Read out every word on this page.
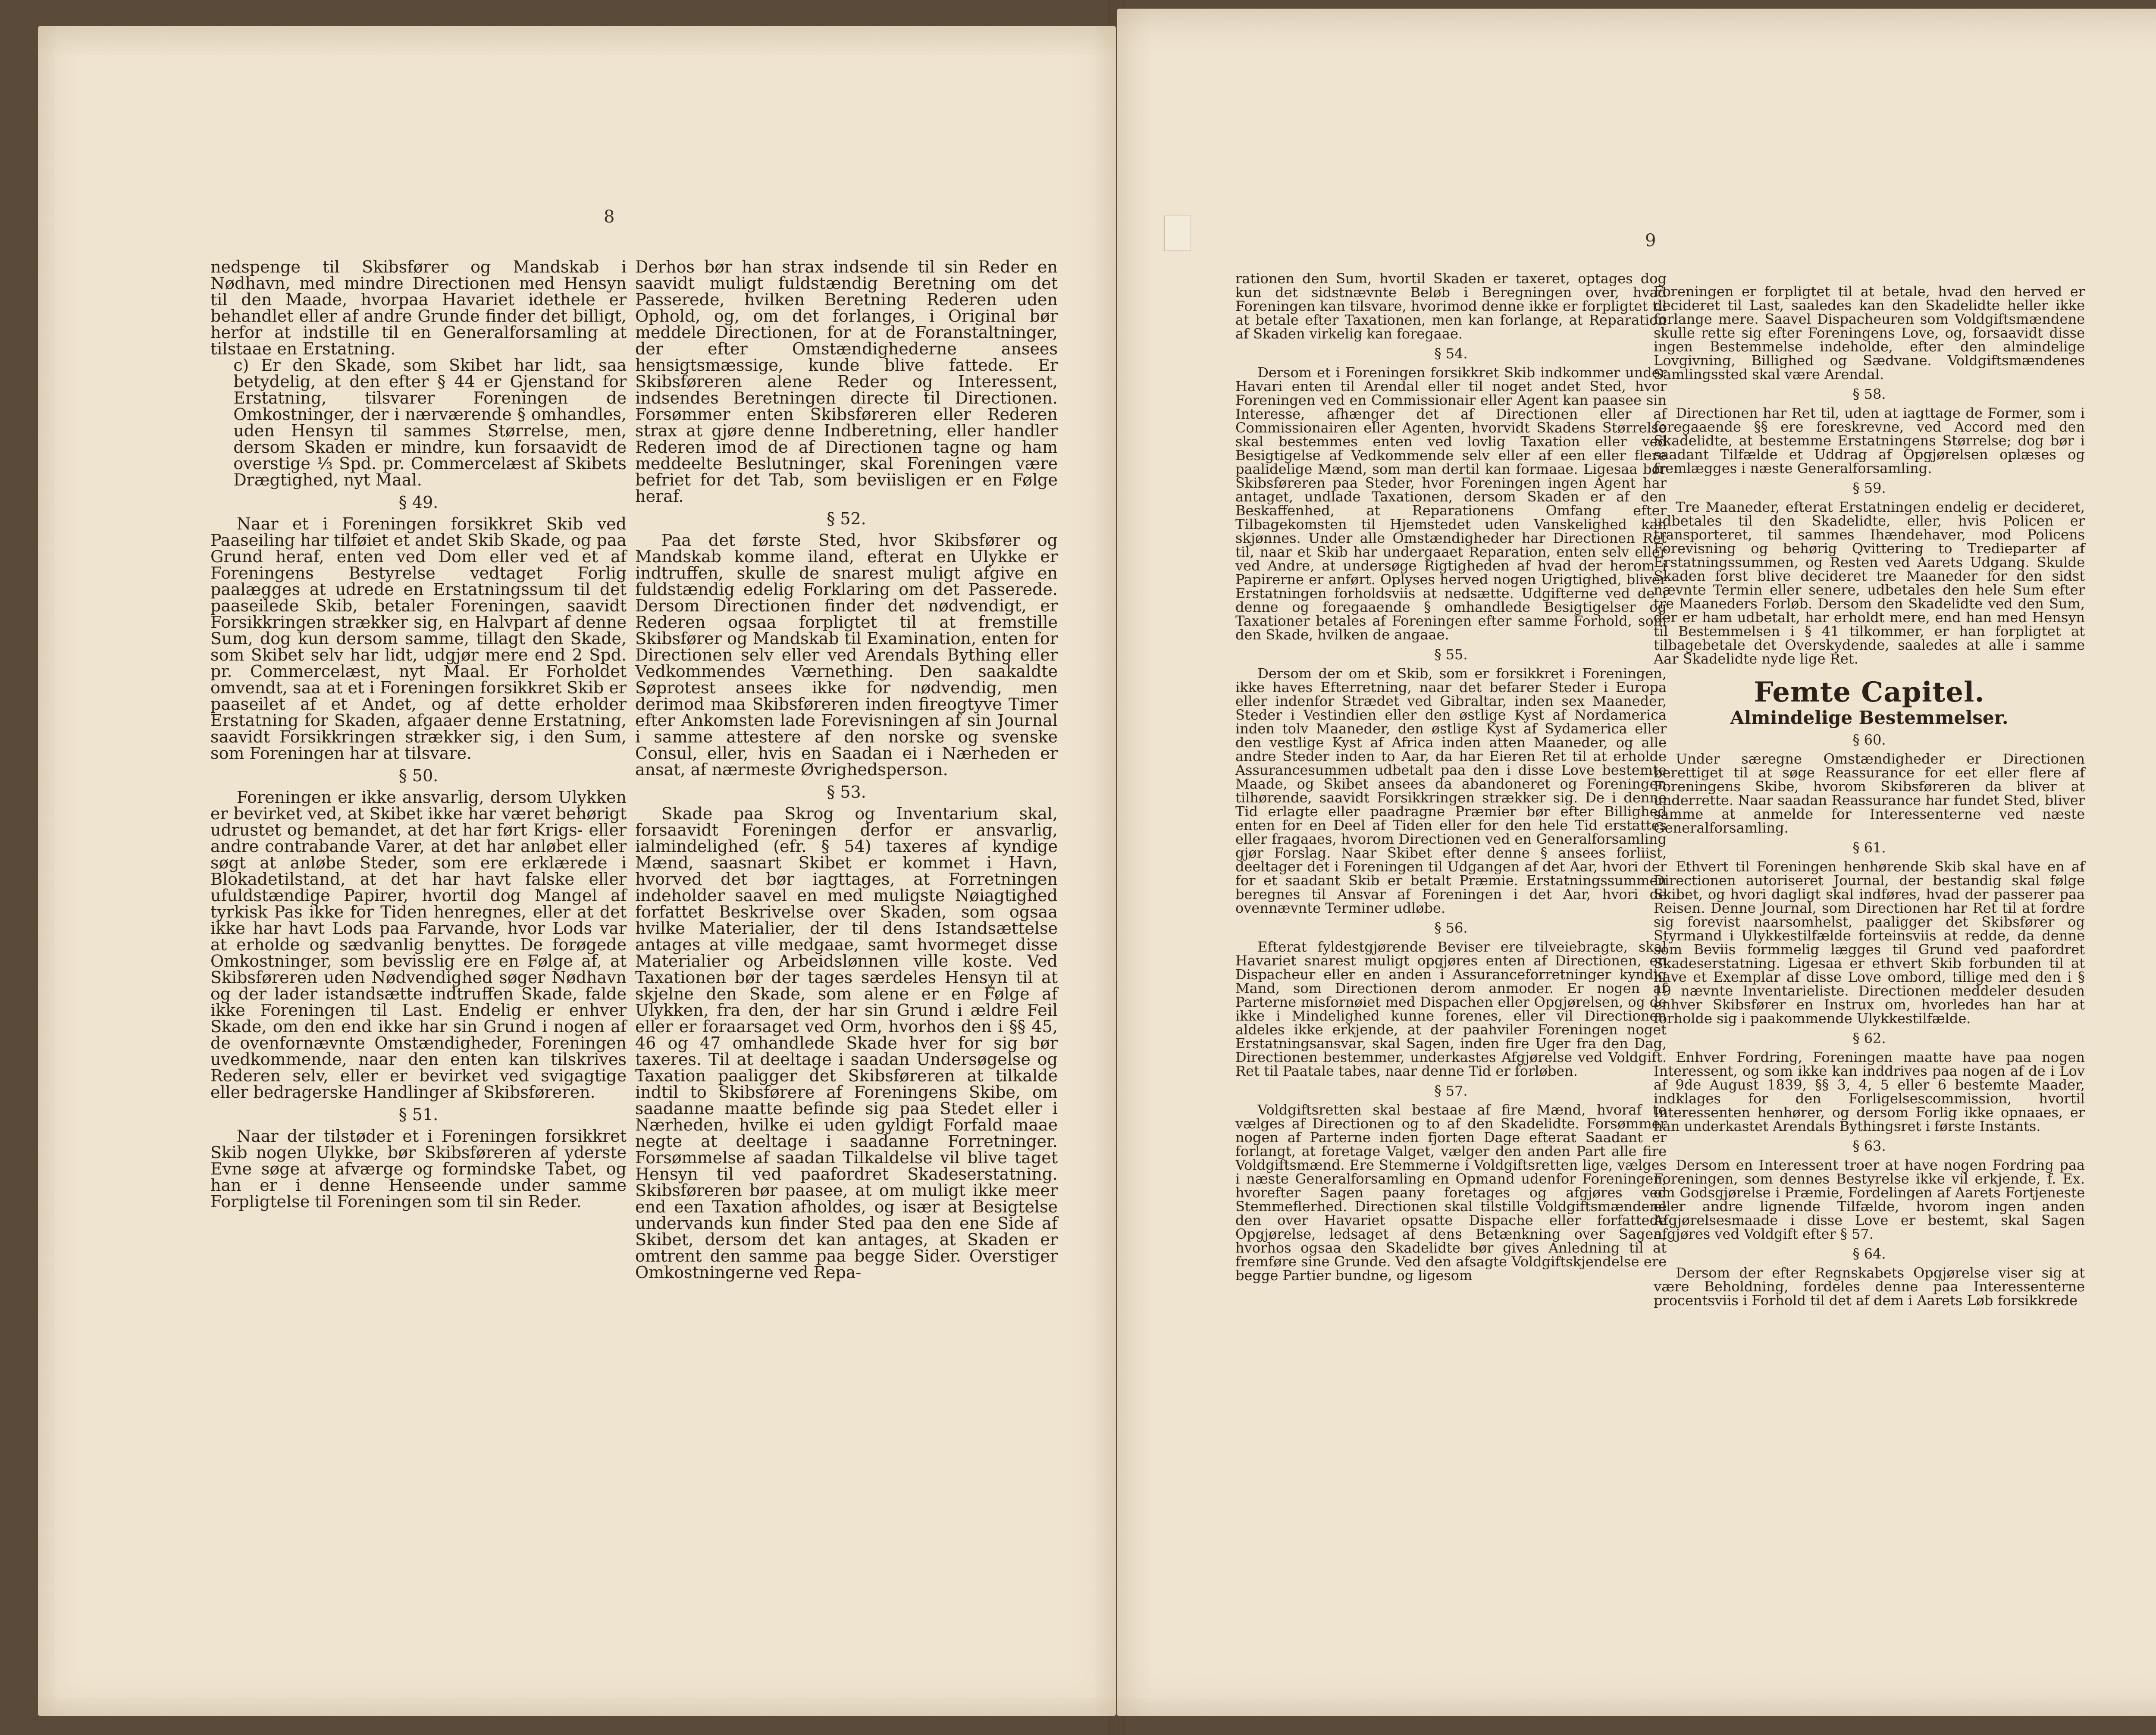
8

nedspenge til Skibsfører og Mandskab i Nødhavn, med mindre Directionen med Hensyn til den Maade, hvorpaa Havariet idethele er behandlet eller af andre Grunde finder det billigt, herfor at indstille til en Generalforsamling at tilstaae en Erstatning.

c) Er den Skade, som Skibet har lidt, saa betydelig, at den efter § 44 er Gjenstand for Erstatning, tilsvarer Foreningen de Omkostninger, der i nærværende § omhandles, uden Hensyn til sammes Størrelse, men, dersom Skaden er mindre, kun forsaavidt de overstige ⅓ Spd. pr. Commercelæst af Skibets Drægtighed, nyt Maal.

§ 49.

Naar et i Foreningen forsikkret Skib ved Paaseiling har tilføiet et andet Skib Skade, og paa Grund heraf, enten ved Dom eller ved et af Foreningens Bestyrelse vedtaget Forlig paalægges at udrede en Erstatningssum til det paaseilede Skib, betaler Foreningen, saavidt Forsikkringen strækker sig, en Halvpart af denne Sum, dog kun dersom samme, tillagt den Skade, som Skibet selv har lidt, udgjør mere end 2 Spd. pr. Commercelæst, nyt Maal. Er Forholdet omvendt, saa at et i Foreningen forsikkret Skib er paaseilet af et Andet, og af dette erholder Erstatning for Skaden, afgaaer denne Erstatning, saavidt Forsikkringen strækker sig, i den Sum, som Foreningen har at tilsvare.

§ 50.

Foreningen er ikke ansvarlig, dersom Ulykken er bevirket ved, at Skibet ikke har været behørigt udrustet og bemandet, at det har ført Krigs- eller andre contrabande Varer, at det har anløbet eller søgt at anløbe Steder, som ere erklærede i Blokadetilstand, at det har havt falske eller ufuldstændige Papirer, hvortil dog Mangel af tyrkisk Pas ikke for Tiden henregnes, eller at det ikke har havt Lods paa Farvande, hvor Lods var at erholde og sædvanlig benyttes. De forøgede Omkostninger, som bevisslig ere en Følge af, at Skibsføreren uden Nødvendighed søger Nødhavn og der lader istandsætte indtruffen Skade, falde ikke Foreningen til Last. Endelig er enhver Skade, om den end ikke har sin Grund i nogen af de ovenfornævnte Omstændigheder, Foreningen uvedkommende, naar den enten kan tilskrives Rederen selv, eller er bevirket ved svigagtige eller bedragerske Handlinger af Skibsføreren.

§ 51.

Naar der tilstøder et i Foreningen forsikkret Skib nogen Ulykke, bør Skibsføreren af yderste Evne søge at afværge og formindske Tabet, og han er i denne Henseende under samme Forpligtelse til Foreningen som til sin Reder.

Derhos bør han strax indsende til sin Reder en saavidt muligt fuldstændig Beretning om det Passerede, hvilken Beretning Rederen uden Ophold, og, om det forlanges, i Original bør meddele Directionen, for at de Foranstaltninger, der efter Omstændighederne ansees hensigtsmæssige, kunde blive fattede. Er Skibsføreren alene Reder og Interessent, indsendes Beretningen directe til Directionen. Forsømmer enten Skibsføreren eller Rederen strax at gjøre denne Indberetning, eller handler Rederen imod de af Directionen tagne og ham meddeelte Beslutninger, skal Foreningen være befriet for det Tab, som beviisligen er en Følge heraf.

§ 52.

Paa det første Sted, hvor Skibsfører og Mandskab komme iland, efterat en Ulykke er indtruffen, skulle de snarest muligt afgive en fuldstændig edelig Forklaring om det Passerede. Dersom Directionen finder det nødvendigt, er Rederen ogsaa forpligtet til at fremstille Skibsfører og Mandskab til Examination, enten for Directionen selv eller ved Arendals Bything eller Vedkommendes Værnething. Den saakaldte Søprotest ansees ikke for nødvendig, men derimod maa Skibsføreren inden fireogtyve Timer efter Ankomsten lade Forevisningen af sin Journal i samme attestere af den norske og svenske Consul, eller, hvis en Saadan ei i Nærheden er ansat, af nærmeste Øvrighedsperson.

§ 53.

Skade paa Skrog og Inventarium skal, forsaavidt Foreningen derfor er ansvarlig, ialmindelighed (efr. § 54) taxeres af kyndige Mænd, saasnart Skibet er kommet i Havn, hvorved det bør iagttages, at Forretningen indeholder saavel en med muligste Nøiagtighed forfattet Beskrivelse over Skaden, som ogsaa hvilke Materialier, der til dens Istandsættelse antages at ville medgaae, samt hvormeget disse Materialier og Arbeidslønnen ville koste. Ved Taxationen bør der tages særdeles Hensyn til at skjelne den Skade, som alene er en Følge af Ulykken, fra den, der har sin Grund i ældre Feil eller er foraarsaget ved Orm, hvorhos den i §§ 45, 46 og 47 omhandlede Skade hver for sig bør taxeres. Til at deeltage i saadan Undersøgelse og Taxation paaligger det Skibsføreren at tilkalde indtil to Skibsførere af Foreningens Skibe, om saadanne maatte befinde sig paa Stedet eller i Nærheden, hvilke ei uden gyldigt Forfald maae negte at deeltage i saadanne Forretninger. Forsømmelse af saadan Tilkaldelse vil blive taget Hensyn til ved paafordret Skadeserstatning. Skibsføreren bør paasee, at om muligt ikke meer end een Taxation afholdes, og især at Besigtelse undervands kun finder Sted paa den ene Side af Skibet, dersom det kan antages, at Skaden er omtrent den samme paa begge Sider. Overstiger Omkostningerne ved Repa-

9

rationen den Sum, hvortil Skaden er taxeret, optages dog kun det sidstnævnte Beløb i Beregningen over, hvad Foreningen kan tilsvare, hvorimod denne ikke er forpligtet til at betale efter Taxationen, men kan forlange, at Reparation af Skaden virkelig kan foregaae.

§ 54.

Dersom et i Foreningen forsikkret Skib indkommer under Havari enten til Arendal eller til noget andet Sted, hvor Foreningen ved en Commissionair eller Agent kan paasee sin Interesse, afhænger det af Directionen eller af Commissionairen eller Agenten, hvorvidt Skadens Størrelse skal bestemmes enten ved lovlig Taxation eller ved Besigtigelse af Vedkommende selv eller af een eller flere paalidelige Mænd, som man dertil kan formaae. Ligesaa bør Skibsføreren paa Steder, hvor Foreningen ingen Agent har antaget, undlade Taxationen, dersom Skaden er af den Beskaffenhed, at Reparationens Omfang efter Tilbagekomsten til Hjemstedet uden Vanskelighed kan skjønnes. Under alle Omstændigheder har Directionen Ret til, naar et Skib har undergaaet Reparation, enten selv eller ved Andre, at undersøge Rigtigheden af hvad der herom i Papirerne er anført. Oplyses herved nogen Urigtighed, bliver Erstatningen forholdsviis at nedsætte. Udgifterne ved de i denne og foregaaende § omhandlede Besigtigelser og Taxationer betales af Foreningen efter samme Forhold, som den Skade, hvilken de angaae.

§ 55.

Dersom der om et Skib, som er forsikkret i Foreningen, ikke haves Efterretning, naar det befarer Steder i Europa eller indenfor Strædet ved Gibraltar, inden sex Maaneder, Steder i Vestindien eller den østlige Kyst af Nordamerica inden tolv Maaneder, den østlige Kyst af Sydamerica eller den vestlige Kyst af Africa inden atten Maaneder, og alle andre Steder inden to Aar, da har Eieren Ret til at erholde Assurancesummen udbetalt paa den i disse Love bestemte Maade, og Skibet ansees da abandoneret og Foreningen tilhørende, saavidt Forsikkringen strækker sig. De i denne Tid erlagte eller paadragne Præmier bør efter Billighed enten for en Deel af Tiden eller for den hele Tid erstattes eller fragaaes, hvorom Directionen ved en Generalforsamling gjør Forslag. Naar Skibet efter denne § ansees forliist, deeltager det i Foreningen til Udgangen af det Aar, hvori der for et saadant Skib er betalt Præmie. Erstatningssummen beregnes til Ansvar af Foreningen i det Aar, hvori de ovennævnte Terminer udløbe.

§ 56.

Efterat fyldestgjørende Beviser ere tilveiebragte, skal Havariet snarest muligt opgjøres enten af Directionen, en Dispacheur eller en anden i Assuranceforretninger kyndig Mand, som Directionen derom anmoder. Er nogen af Parterne misfornøiet med Dispachen eller Opgjørelsen, og de ikke i Mindelighed kunne forenes, eller vil Directionen aldeles ikke erkjende, at der paahviler Foreningen noget Erstatningsansvar, skal Sagen, inden fire Uger fra den Dag, Directionen bestemmer, underkastes Afgjørelse ved Voldgift. Ret til Paatale tabes, naar denne Tid er forløben.

§ 57.

Voldgiftsretten skal bestaae af fire Mænd, hvoraf to vælges af Directionen og to af den Skadelidte. Forsømmer nogen af Parterne inden fjorten Dage efterat Saadant er forlangt, at foretage Valget, vælger den anden Part alle fire Voldgiftsmænd. Ere Stemmerne i Voldgiftsretten lige, vælges i næste Generalforsamling en Opmand udenfor Foreningen, hvorefter Sagen paany foretages og afgjøres ved Stemmeflerhed. Directionen skal tilstille Voldgiftsmændene den over Havariet opsatte Dispache eller forfattede Opgjørelse, ledsaget af dens Betænkning over Sagen, hvorhos ogsaa den Skadelidte bør gives Anledning til at fremføre sine Grunde. Ved den afsagte Voldgiftskjendelse ere begge Partier bundne, og ligesom

Foreningen er forpligtet til at betale, hvad den herved er decideret til Last, saaledes kan den Skadelidte heller ikke forlange mere. Saavel Dispacheuren som Voldgiftsmændene skulle rette sig efter Foreningens Love, og, forsaavidt disse ingen Bestemmelse indeholde, efter den almindelige Lovgivning, Billighed og Sædvane. Voldgiftsmændenes Samlingssted skal være Arendal.

§ 58.

Directionen har Ret til, uden at iagttage de Former, som i foregaaende §§ ere foreskrevne, ved Accord med den Skadelidte, at bestemme Erstatningens Størrelse; dog bør i saadant Tilfælde et Uddrag af Opgjørelsen oplæses og fremlægges i næste Generalforsamling.

§ 59.

Tre Maaneder, efterat Erstatningen endelig er decideret, udbetales til den Skadelidte, eller, hvis Policen er transporteret, til sammes Ihændehaver, mod Policens Forevisning og behørig Qvittering to Tredieparter af Erstatningssummen, og Resten ved Aarets Udgang. Skulde Skaden forst blive decideret tre Maaneder for den sidst nævnte Termin eller senere, udbetales den hele Sum efter tre Maaneders Forløb. Dersom den Skadelidte ved den Sum, der er ham udbetalt, har erholdt mere, end han med Hensyn til Bestemmelsen i § 41 tilkommer, er han forpligtet at tilbagebetale det Overskydende, saaledes at alle i samme Aar Skadelidte nyde lige Ret.

Femte Capitel.
Almindelige Bestemmelser.
§ 60.

Under særegne Omstændigheder er Directionen berettiget til at søge Reassurance for eet eller flere af Foreningens Skibe, hvorom Skibsføreren da bliver at underrette. Naar saadan Reassurance har fundet Sted, bliver samme at anmelde for Interessenterne ved næste Generalforsamling.

§ 61.

Ethvert til Foreningen henhørende Skib skal have en af Directionen autoriseret Journal, der bestandig skal følge Skibet, og hvori dagligt skal indføres, hvad der passerer paa Reisen. Denne Journal, som Directionen har Ret til at fordre sig forevist naarsomhelst, paaligger det Skibsfører og Styrmand i Ulykkestilfælde forteinsviis at redde, da denne som Beviis formmelig lægges til Grund ved paafordret Skadeserstatning. Ligesaa er ethvert Skib forbunden til at have et Exemplar af disse Love ombord, tillige med den i § 19 nævnte Inventarieliste. Directionen meddeler desuden enhver Skibsfører en Instrux om, hvorledes han har at forholde sig i paakommende Ulykkestilfælde.

§ 62.

Enhver Fordring, Foreningen maatte have paa nogen Interessent, og som ikke kan inddrives paa nogen af de i Lov af 9de August 1839, §§ 3, 4, 5 eller 6 bestemte Maader, indklages for den Forligelsescommission, hvortil Interessenten henhører, og dersom Forlig ikke opnaaes, er han underkastet Arendals Bythingsret i første Instants.

§ 63.

Dersom en Interessent troer at have nogen Fordring paa Foreningen, som dennes Bestyrelse ikke vil erkjende, f. Ex. om Godsgjørelse i Præmie, Fordelingen af Aarets Fortjeneste eller andre lignende Tilfælde, hvorom ingen anden Afgjørelsesmaade i disse Love er bestemt, skal Sagen afgjøres ved Voldgift efter § 57.

§ 64.

Dersom der efter Regnskabets Opgjørelse viser sig at være Beholdning, fordeles denne paa Interessenterne procentsviis i Forhold til det af dem i Aarets Løb forsikkrede
